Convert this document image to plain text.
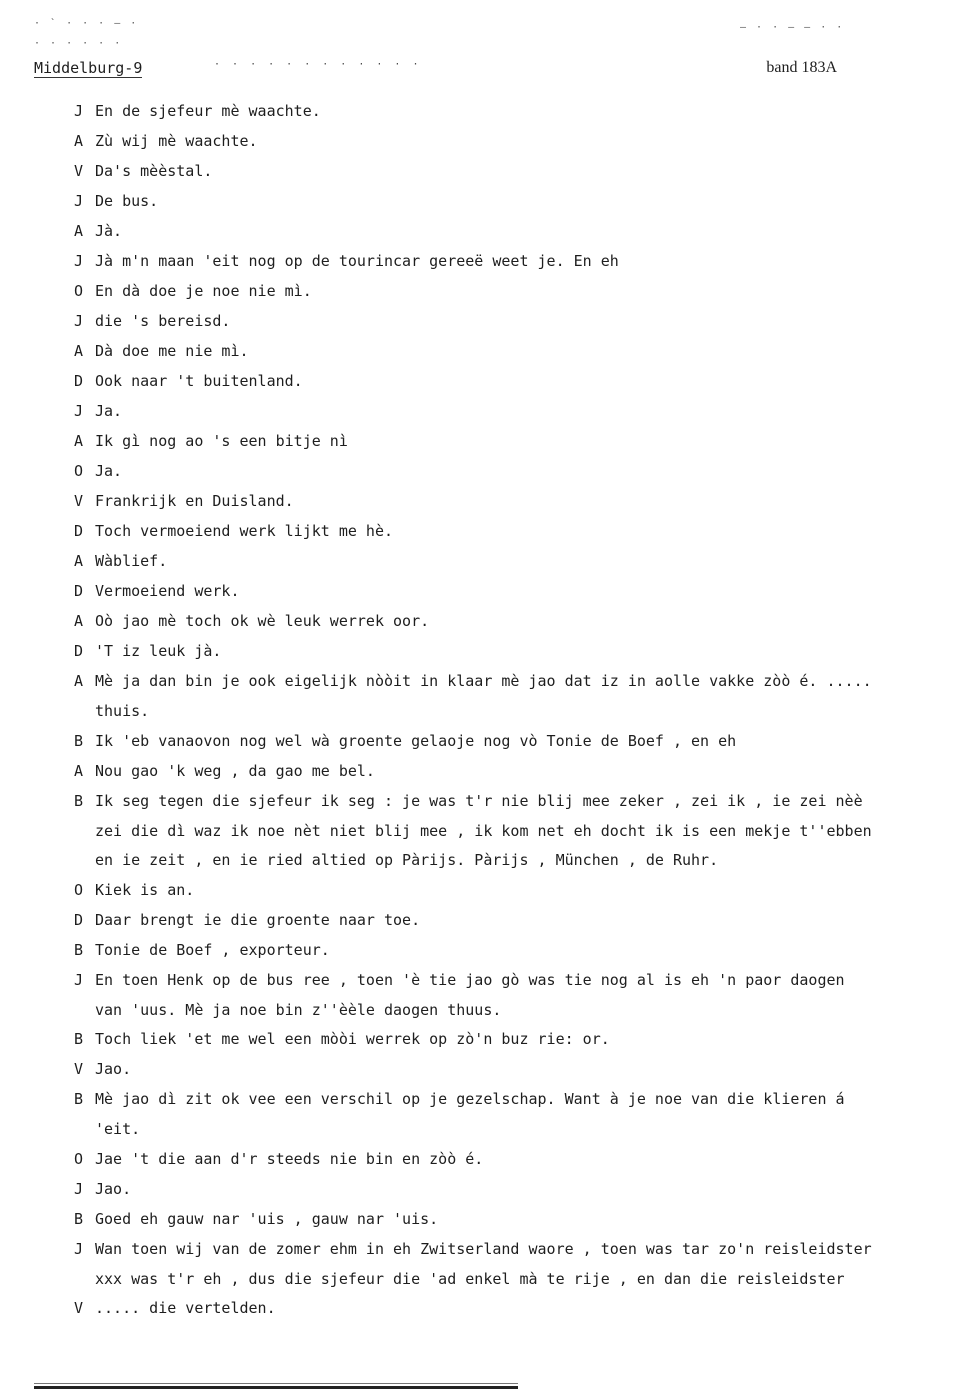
· ` · · · — ·
· · · · · ·
— · · — — · ·
Middelburg-9	· · · · · · · · · · · ·	band 183A
J En de sjefeur mè waachte.
A Zù wij mè waachte.
V Da's mèèstal.
J De bus.
A Jà.
J Jà m'n maan 'eit nog op de tourincar gereeë weet je. En eh
O En dà doe je noe nie mì.
J die 's bereisd.
A Dà doe me nie mì.
D Ook naar 't buitenland.
J Ja.
A Ik gì nog ao 's een bitje nì
O Ja.
V Frankrijk en Duisland.
D Toch vermoeiend werk lijkt me hè.
A Wàblief.
D Vermoeiend werk.
A Oò jao mè toch ok wè leuk werrek oor.
D 'T iz leuk jà.
A Mè ja dan bin je ook eigelijk nòòit in klaar mè jao dat iz in aolle vakke zòò é. .....
thuis.
B Ik 'eb vanaovon nog wel wà groente gelaoje nog vò Tonie de Boef , en eh
A Nou gao 'k weg , da gao me bel.
B Ik seg tegen die sjefeur ik seg : je was t'r nie blij mee zeker , zei ik , ie zei nèè
zei die dì waz ik noe nèt niet blij mee , ik kom net eh docht ik is een mekje t''ebben
en ie zeit , en ie ried altied op Pàrijs. Pàrijs , München , de Ruhr.
O Kiek is an.
D Daar brengt ie die groente naar toe.
B Tonie de Boef , exporteur.
J En toen Henk op de bus ree , toen 'è tie jao gò was tie nog al is eh 'n paor daogen
van 'uus. Mè ja noe bin z''èèle daogen thuus.
B Toch liek 'et me wel een mòòi werrek op zò'n buz rie: or.
V Jao.
B Mè jao dì zit ok vee een verschil op je gezelschap. Want à je noe van die klieren á
'eit.
O Jae 't die aan d'r steeds nie bin en zòò é.
J Jao.
B Goed eh gauw nar 'uis , gauw nar 'uis.
J Wan toen wij van de zomer ehm in eh Zwitserland waore , toen was tar zo'n reisleidster
xxx was t'r eh , dus die sjefeur die 'ad enkel mà te rije , en dan die reisleidster
V ..... die vertelden.
